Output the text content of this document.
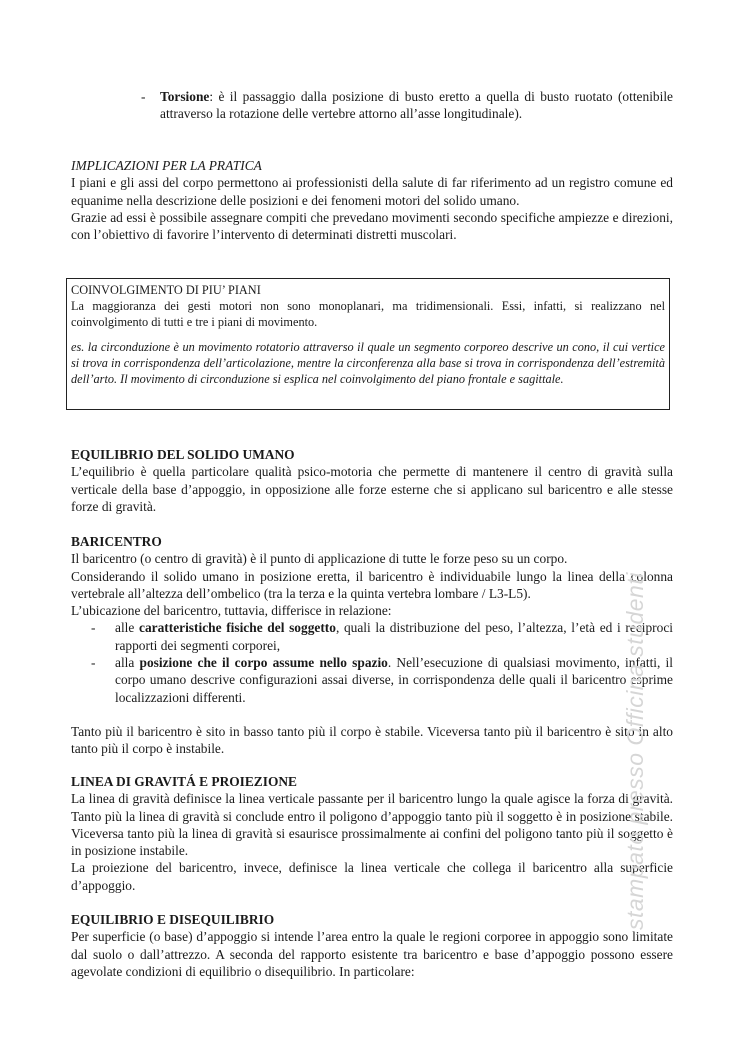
- Torsione: è il passaggio dalla posizione di busto eretto a quella di busto ruotato (ottenibile attraverso la rotazione delle vertebre attorno all’asse longitudinale).

IMPLICAZIONI PER LA PRATICA

I piani e gli assi del corpo permettono ai professionisti della salute di far riferimento ad un registro comune ed equanime nella descrizione delle posizioni e dei fenomeni motori del solido umano.

Grazie ad essi è possibile assegnare compiti che prevedano movimenti secondo specifiche ampiezze e direzioni, con l’obiettivo di favorire l’intervento di determinati distretti muscolari.

EQUILIBRIO DEL SOLIDO UMANO

L’equilibrio è quella particolare qualità psico-motoria che permette di mantenere il centro di gravità sulla verticale della base d’appoggio, in opposizione alle forze esterne che si applicano sul baricentro e alle stesse forze di gravità.

BARICENTRO

Il baricentro (o centro di gravità) è il punto di applicazione di tutte le forze peso su un corpo.

Considerando il solido umano in posizione eretta, il baricentro è individuabile lungo la linea della colonna vertebrale all’altezza dell’ombelico (tra la terza e la quinta vertebra lombare / L3-L5).

L’ubicazione del baricentro, tuttavia, differisce in relazione:

- alle caratteristiche fisiche del soggetto, quali la distribuzione del peso, l’altezza, l’età ed i reciproci rapporti dei segmenti corporei,

- alla posizione che il corpo assume nello spazio. Nell’esecuzione di qualsiasi movimento, infatti, il corpo umano descrive configurazioni assai diverse, in corrispondenza delle quali il baricentro esprime localizzazioni differenti.

Tanto più il baricentro è sito in basso tanto più il corpo è stabile. Viceversa tanto più il baricentro è sito in alto tanto più il corpo è instabile.

LINEA DI GRAVITÁ E PROIEZIONE

La linea di gravità definisce la linea verticale passante per il baricentro lungo la quale agisce la forza di gravità. Tanto più la linea di gravità si conclude entro il poligono d’appoggio tanto più il soggetto è in posizione stabile. Viceversa tanto più la linea di gravità si esaurisce prossimalmente ai confini del poligono tanto più il soggetto è in posizione instabile.

La proiezione del baricentro, invece, definisce la linea verticale che collega il baricentro alla superficie d’appoggio.

EQUILIBRIO E DISEQUILIBRIO

Per superficie (o base) d’appoggio si intende l’area entro la quale le regioni corporee in appoggio sono limitate dal suolo o dall’attrezzo. A seconda del rapporto esistente tra baricentro e base d’appoggio possono essere agevolate condizioni di equilibrio o disequilibrio. In particolare:

COINVOLGIMENTO DI PIU’ PIANI

La maggioranza dei gesti motori non sono monoplanari, ma tridimensionali. Essi, infatti, si realizzano nel coinvolgimento di tutti e tre i piani di movimento.

es. la circonduzione è un movimento rotatorio attraverso il quale un segmento corporeo descrive un cono, il cui vertice si trova in corrispondenza dell’articolazione, mentre la circonferenza alla base si trova in corrispondenza dell’estremità dell’arto. Il movimento di circonduzione si esplica nel coinvolgimento del piano frontale e sagittale.

stampato presso Officina studenti
